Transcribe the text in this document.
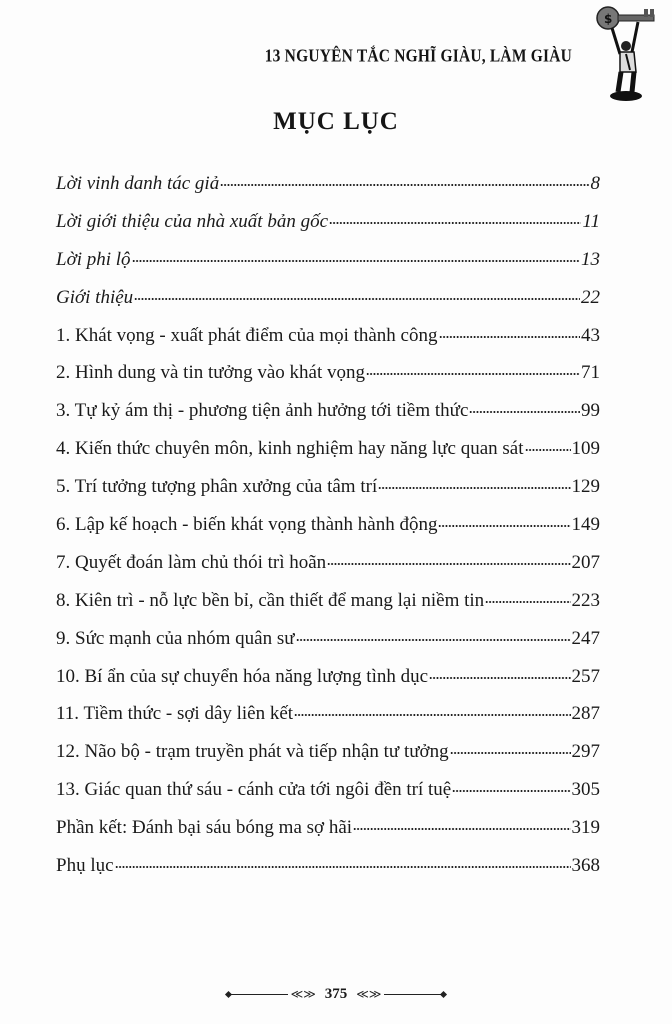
13 NGUYÊN TẮC NGHĨ GIÀU, LÀM GIÀU
$
MỤC LỤC
Lời vinh danh tác giả	8
Lời giới thiệu của nhà xuất bản gốc	11
Lời phi lộ	13
Giới thiệu	22
1. Khát vọng - xuất phát điểm của mọi thành công	43
2. Hình dung và tin tưởng vào khát vọng	71
3. Tự kỷ ám thị - phương tiện ảnh hưởng tới tiềm thức	99
4. Kiến thức chuyên môn, kinh nghiệm hay năng lực quan sát	109
5. Trí tưởng tượng phân xưởng của tâm trí	129
6. Lập kế hoạch - biến khát vọng thành hành động	149
7. Quyết đoán làm chủ thói trì hoãn	207
8. Kiên trì - nỗ lực bền bỉ, cần thiết để mang lại niềm tin	223
9. Sức mạnh của nhóm quân sư	247
10. Bí ẩn của sự chuyển hóa năng lượng tình dục	257
11. Tiềm thức - sợi dây liên kết	287
12. Não bộ - trạm truyền phát và tiếp nhận tư tưởng	297
13. Giác quan thứ sáu - cánh cửa tới ngôi đền trí tuệ	305
Phần kết: Đánh bại sáu bóng ma sợ hãi	319
Phụ lục	368
≪≫ 375 ≪≫
